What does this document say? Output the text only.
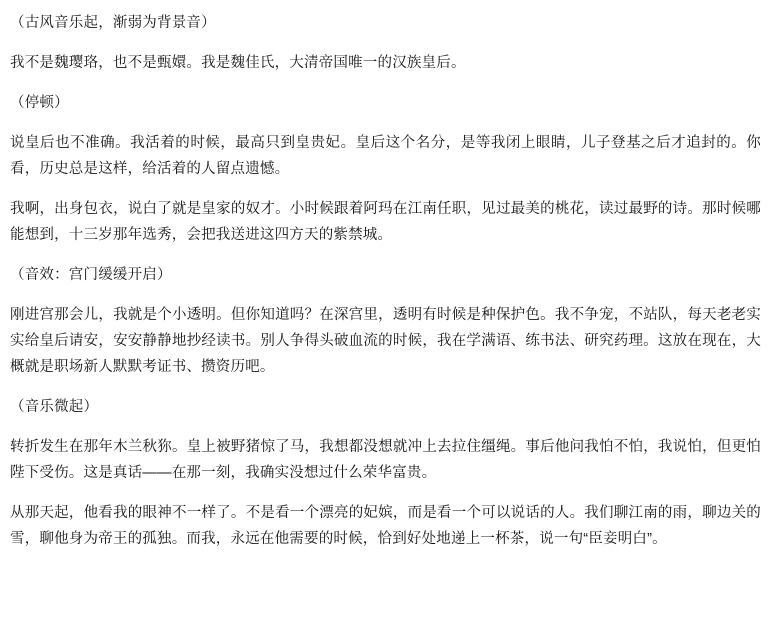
（古风音乐起，渐弱为背景音）

我不是魏璎珞，也不是甄嬛。我是魏佳氏，大清帝国唯一的汉族皇后。

（停顿）

说皇后也不准确。我活着的时候，最高只到皇贵妃。皇后这个名分，是等我闭上眼睛，儿子登基之后才追封的。你看，历史总是这样，给活着的人留点遗憾。

我啊，出身包衣，说白了就是皇家的奴才。小时候跟着阿玛在江南任职，见过最美的桃花，读过最野的诗。那时候哪能想到，十三岁那年选秀，会把我送进这四方天的紫禁城。

（音效：宫门缓缓开启）

刚进宫那会儿，我就是个小透明。但你知道吗？在深宫里，透明有时候是种保护色。我不争宠，不站队，每天老老实实给皇后请安，安安静静地抄经读书。别人争得头破血流的时候，我在学满语、练书法、研究药理。这放在现在，大概就是职场新人默默考证书、攒资历吧。

（音乐微起）

转折发生在那年木兰秋狝。皇上被野猪惊了马，我想都没想就冲上去拉住缰绳。事后他问我怕不怕，我说怕，但更怕陛下受伤。这是真话——在那一刻，我确实没想过什么荣华富贵。

从那天起，他看我的眼神不一样了。不是看一个漂亮的妃嫔，而是看一个可以说话的人。我们聊江南的雨，聊边关的雪，聊他身为帝王的孤独。而我，永远在他需要的时候，恰到好处地递上一杯茶，说一句“臣妾明白”。
